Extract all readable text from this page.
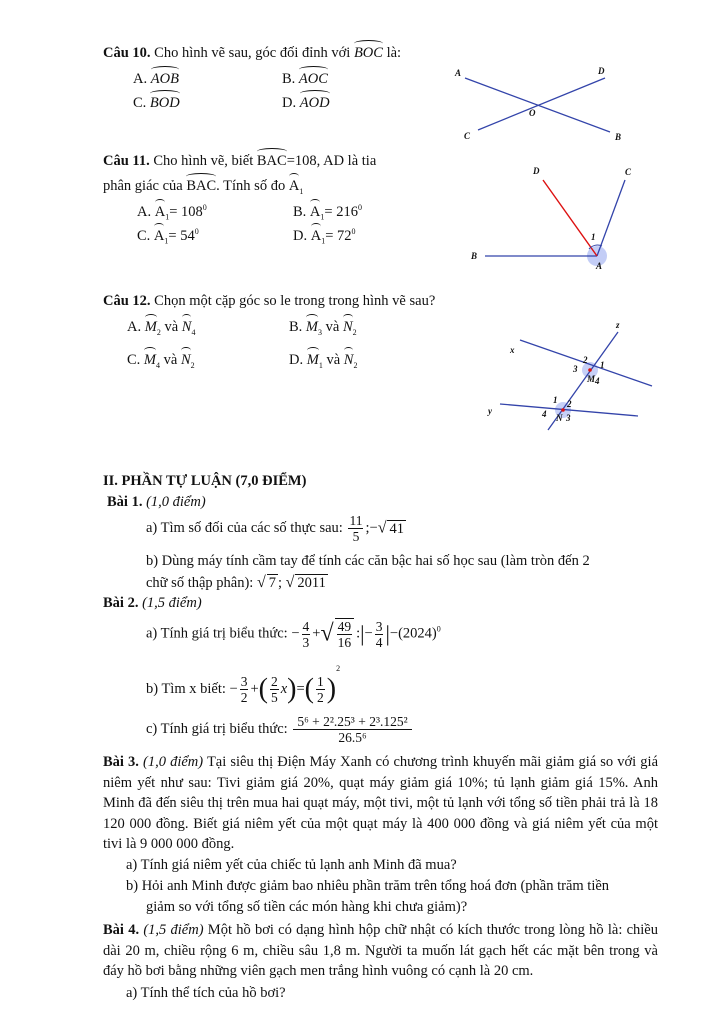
Câu 10. Cho hình vẽ sau, góc đối đỉnh với BOC là:
A. AOB	B. AOC
C. BOD	D. AOD
A	D
O
C	B
Câu 11. Cho hình vẽ, biết BAC=108, AD là tia
phân giác của BAC. Tính số đo $A_1$
A. $A_1= 108^0$	B. $A_1= 216^0$
C. $A_1= 54^0$	D. $A_1= 72^0$
D	C
B
A
1
Câu 12. Chọn một cặp góc so le trong trong hình vẽ sau?
A. $M_2$ và $N_4$	B. $M_3$ và $N_2$
C. $M_4$ và $N_2$	D. $M_1$ và $N_2$
z
x
y
2 1
3
M 4
1 2
4 N 3
II. PHẦN TỰ LUẬN (7,0 ĐIỂM)
Bài 1. (1,0 điểm)
a) Tìm số đối của các số thực sau: $\frac{11}{5}$ ;−√ 41
b) Dùng máy tính cầm tay để tính các căn bậc hai số học sau (làm tròn đến 2
chữ số thập phân): √ 7 ; √ 2011
Bài 2. (1,5 điểm)
a) Tính giá trị biểu thức: − $\frac{4}{3}$ +√ $\frac{49}{16}$ :|− $\frac{3}{4} |-(2024)^0$
b) Tìm x biết: − $\frac{3}{2}$ +( $\frac{2}{5} x)=( \frac{1}{2} )^2$
c) Tính giá trị biểu thức: $\frac{\text{5⁶ + 2².25³ + 2³.125²}}{\text{26.5⁶}}$
Bài 3. (1,0 điểm) Tại siêu thị Điện Máy Xanh có chương trình khuyến mãi giảm giá so với giá niêm yết như sau: Tivi giảm giá 20%, quạt máy giảm giá 10%; tủ lạnh giảm giá 15%. Anh Minh đã đến siêu thị trên mua hai quạt máy, một tivi, một tủ lạnh với tổng số tiền phải trả là 18 120 000 đồng. Biết giá niêm yết của một quạt máy là 400 000 đồng và giá niêm yết của một tivi là 9 000 000 đồng.
a) Tính giá niêm yết của chiếc tủ lạnh anh Minh đã mua?
b) Hỏi anh Minh được giảm bao nhiêu phần trăm trên tổng hoá đơn (phần trăm tiền
giảm so với tổng số tiền các món hàng khi chưa giảm)?
Bài 4. (1,5 điểm) Một hồ bơi có dạng hình hộp chữ nhật có kích thước trong lòng hồ là: chiều dài 20 m, chiều rộng 6 m, chiều sâu 1,8 m. Người ta muốn lát gạch hết các mặt bên trong và đáy hồ bơi bằng những viên gạch men trắng hình vuông có cạnh là 20 cm.
a) Tính thể tích của hồ bơi?
